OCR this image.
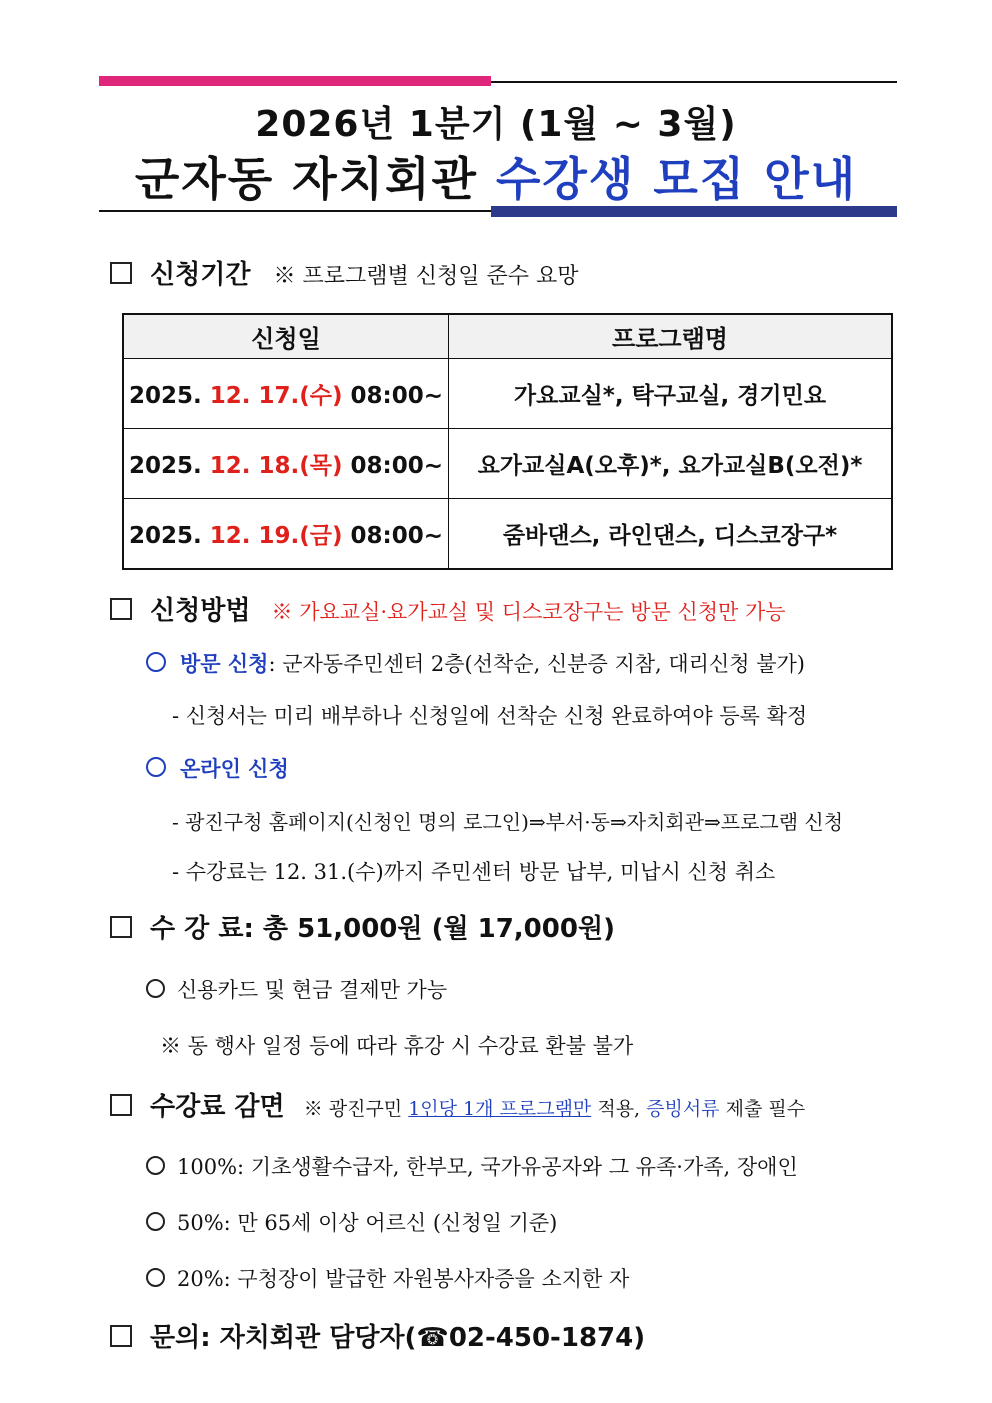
2026년 1분기 (1월 ~ 3월)
군자동 자치회관 수강생 모집 안내
신청기간 ※ 프로그램별 신청일 준수 요망
신청일	프로그램명
2025. 12. 17.(수) 08:00~	가요교실*, 탁구교실, 경기민요
2025. 12. 18.(목) 08:00~	요가교실A(오후)*, 요가교실B(오전)*
2025. 12. 19.(금) 08:00~	줌바댄스, 라인댄스, 디스코장구*
신청방법 ※ 가요교실·요가교실 및 디스코장구는 방문 신청만 가능
방문 신청: 군자동주민센터 2층(선착순, 신분증 지참, 대리신청 불가)
- 신청서는 미리 배부하나 신청일에 선착순 신청 완료하여야 등록 확정
온라인 신청
- 광진구청 홈페이지(신청인 명의 로그인)⇒부서·동⇒자치회관⇒프로그램 신청
- 수강료는 12. 31.(수)까지 주민센터 방문 납부, 미납시 신청 취소
수 강 료: 총 51,000원 (월 17,000원)
신용카드 및 현금 결제만 가능
※ 동 행사 일정 등에 따라 휴강 시 수강료 환불 불가
수강료 감면 ※ 광진구민 1인당 1개 프로그램만 적용, 증빙서류 제출 필수
100%: 기초생활수급자, 한부모, 국가유공자와 그 유족·가족, 장애인
50%: 만 65세 이상 어르신 (신청일 기준)
20%: 구청장이 발급한 자원봉사자증을 소지한 자
문의: 자치회관 담당자(☎02-450-1874)
